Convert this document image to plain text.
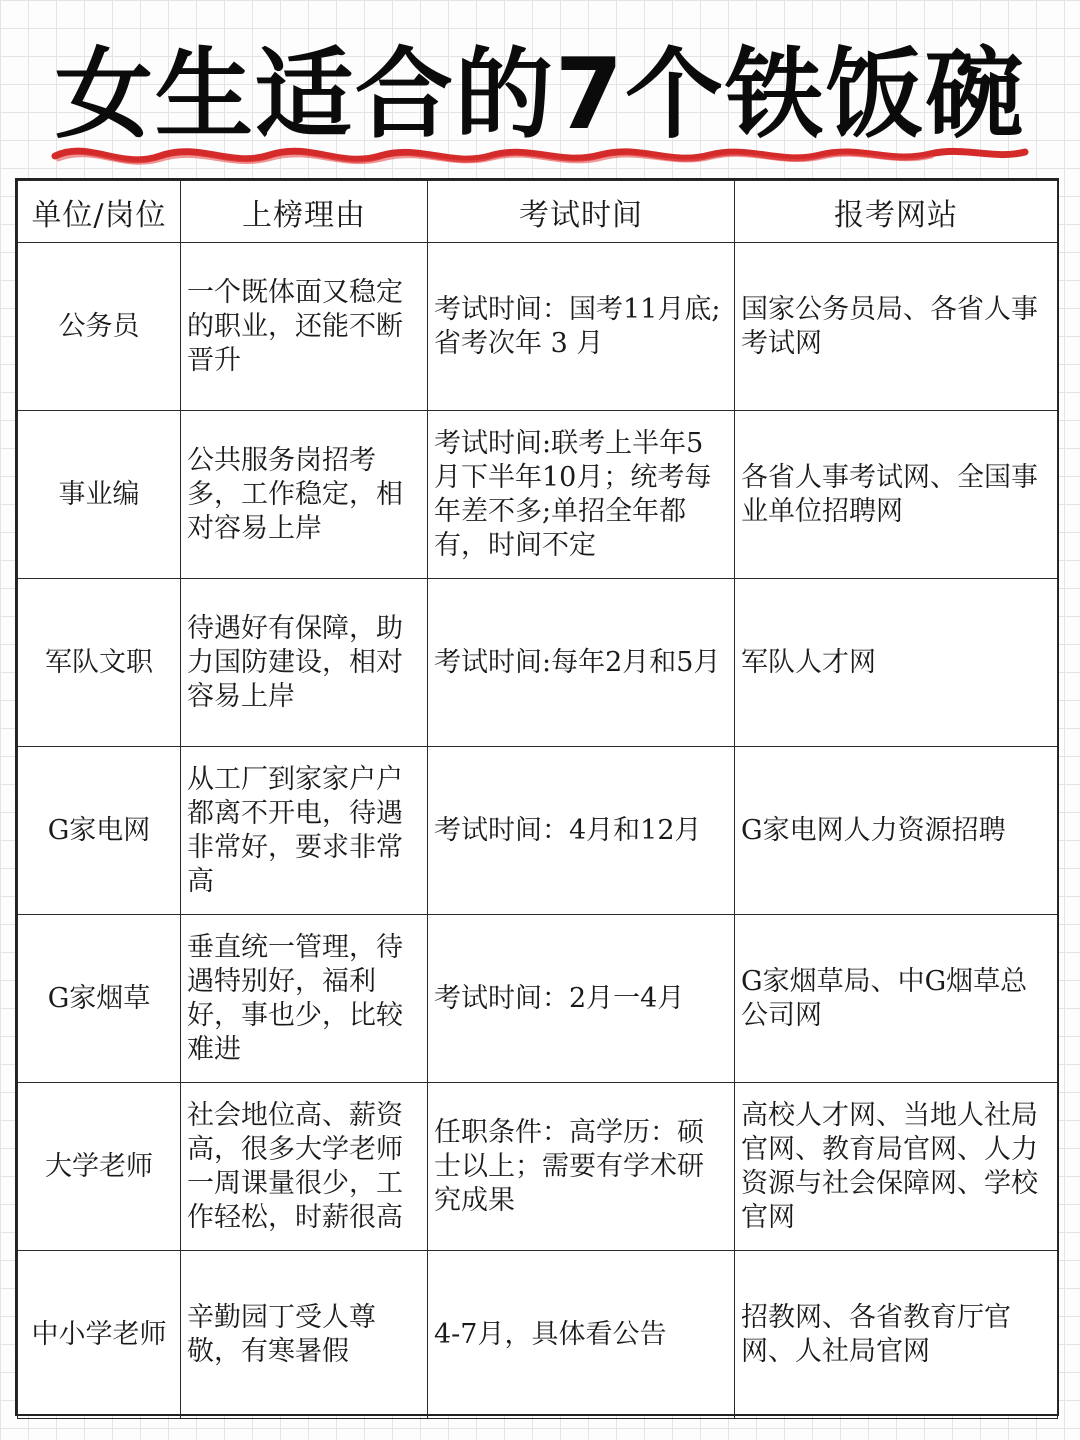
女生适合的7个铁饭碗
单位/岗位	上榜理由	考试时间	报考网站
公务员	一个既体面又稳定的职业，还能不断晋升	考试时间：国考11月底;省考次年 3 月	国家公务员局、各省人事考试网
事业编	公共服务岗招考多，工作稳定，相对容易上岸	考试时间:联考上半年5月下半年10月；统考每年差不多;单招全年都有，时间不定	各省人事考试网、全国事业单位招聘网
军队文职	待遇好有保障，助力国防建设，相对容易上岸	考试时间:每年2月和5月	军队人才网
G家电网	从工厂到家家户户都离不开电，待遇非常好，要求非常高	考试时间：4月和12月	G家电网人力资源招聘
G家烟草	垂直统一管理，待遇特别好，福利好，事也少，比较难进	考试时间：2月一4月	G家烟草局、中G烟草总公司网
大学老师	社会地位高、薪资高，很多大学老师一周课量很少，工作轻松，时薪很高	任职条件：高学历：硕士以上；需要有学术研究成果	高校人才网、当地人社局官网、教育局官网、人力资源与社会保障网、学校官网
中小学老师	辛勤园丁受人尊敬，有寒暑假	4-7月，具体看公告	招教网、各省教育厅官网、人社局官网
